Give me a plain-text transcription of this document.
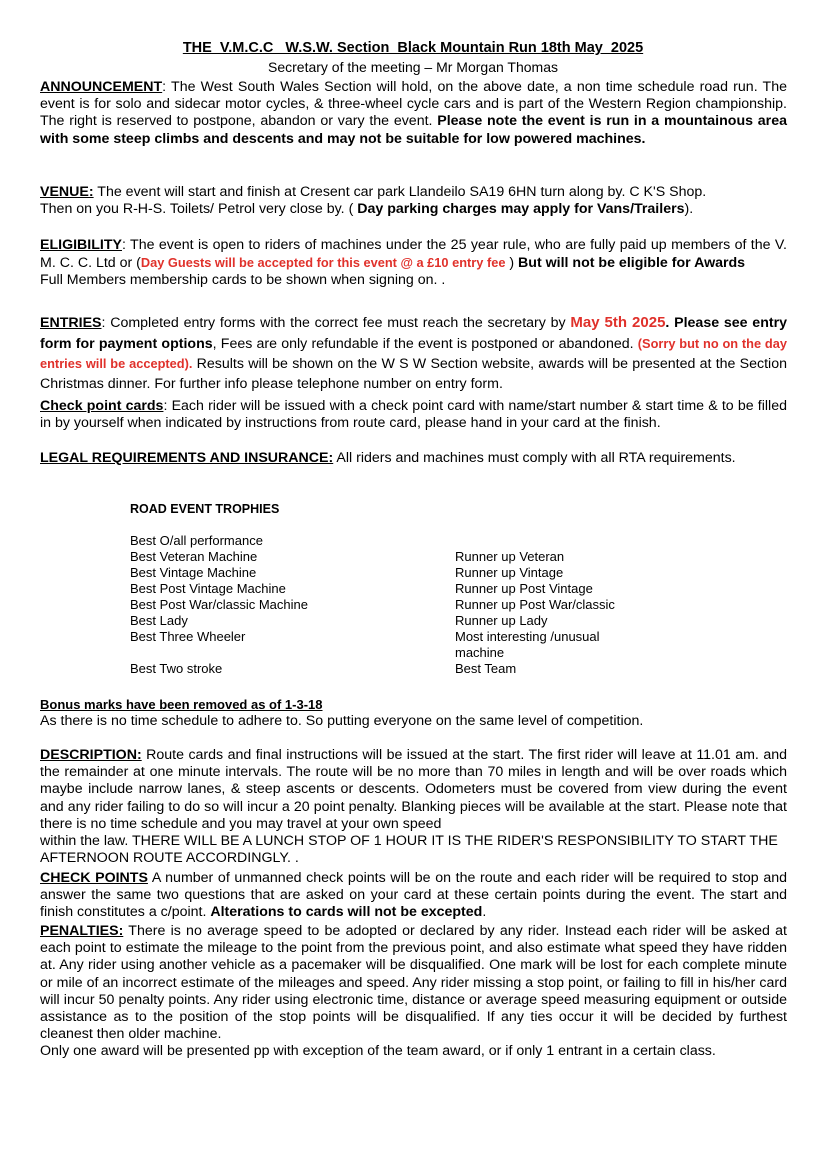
THE  V.M.C.C   W.S.W. Section  Black Mountain Run 18th May  2025
Secretary of the meeting – Mr Morgan Thomas
ANNOUNCEMENT: The West South Wales Section will hold, on the above date, a non time schedule road run. The event is for solo and sidecar motor cycles, & three-wheel cycle cars and is part of the Western Region championship. The right is reserved to postpone, abandon or vary the event. Please note the event is run in a mountainous area with some steep climbs and descents and may not be suitable for low powered machines.
VENUE: The event will start and finish at Cresent car park Llandeilo SA19 6HN turn along by. C K'S Shop.
Then on you R-H-S. Toilets/ Petrol very close by. ( Day parking charges may apply for Vans/Trailers).
ELIGIBILITY: The event is open to riders of machines under the 25 year rule, who are fully paid up members of the V. M. C. C. Ltd or (Day Guests will be accepted for this event @ a £10 entry fee ) But will not be eligible for Awards
Full Members membership cards to be shown when signing on. .
ENTRIES: Completed entry forms with the correct fee must reach the secretary by May 5th 2025. Please see entry form for payment options, Fees are only refundable if the event is postponed or abandoned. (Sorry but no on the day entries will be accepted). Results will be shown on the W S W Section website, awards will be presented at the Section Christmas dinner. For further info please telephone number on entry form.
Check point cards: Each rider will be issued with a check point card with name/start number & start time & to be filled in by yourself when indicated by instructions from route card, please hand in your card at the finish.
LEGAL REQUIREMENTS AND INSURANCE: All riders and machines must comply with all RTA requirements.
ROAD EVENT TROPHIES
Best O/all performance
Best Veteran Machine
Best Vintage Machine
Best Post Vintage Machine
Best Post War/classic Machine
Best Lady
Best Three Wheeler
Best Two stroke
Runner up Veteran
Runner up Vintage
Runner up Post Vintage
Runner up Post War/classic
Runner up Lady
Most interesting /unusual
machine
Best Team
Bonus marks have been removed as of 1-3-18
As there is no time schedule to adhere to. So putting everyone on the same level of competition.
DESCRIPTION: Route cards and final instructions will be issued at the start. The first rider will leave at 11.01 am. and the remainder at one minute intervals. The route will be no more than 70 miles in length and will be over roads which maybe include narrow lanes, & steep ascents or descents. Odometers must be covered from view during the event and any rider failing to do so will incur a 20 point penalty. Blanking pieces will be available at the start. Please note that there is no time schedule and you may travel at your own speed
within the law. THERE WILL BE A LUNCH STOP OF 1 HOUR IT IS THE RIDER'S RESPONSIBILITY TO START THE AFTERNOON ROUTE ACCORDINGLY. .
CHECK POINTS A number of unmanned check points will be on the route and each rider will be required to stop and answer the same two questions that are asked on your card at these certain points during the event. The start and finish constitutes a c/point. Alterations to cards will not be excepted.
PENALTIES: There is no average speed to be adopted or declared by any rider. Instead each rider will be asked at each point to estimate the mileage to the point from the previous point, and also estimate what speed they have ridden at. Any rider using another vehicle as a pacemaker will be disqualified. One mark will be lost for each complete minute or mile of an incorrect estimate of the mileages and speed. Any rider missing a stop point, or failing to fill in his/her card will incur 50 penalty points. Any rider using electronic time, distance or average speed measuring equipment or outside assistance as to the position of the stop points will be disqualified. If any ties occur it will be decided by furthest cleanest then older machine.
Only one award will be presented pp with exception of the team award, or if only 1 entrant in a certain class.
